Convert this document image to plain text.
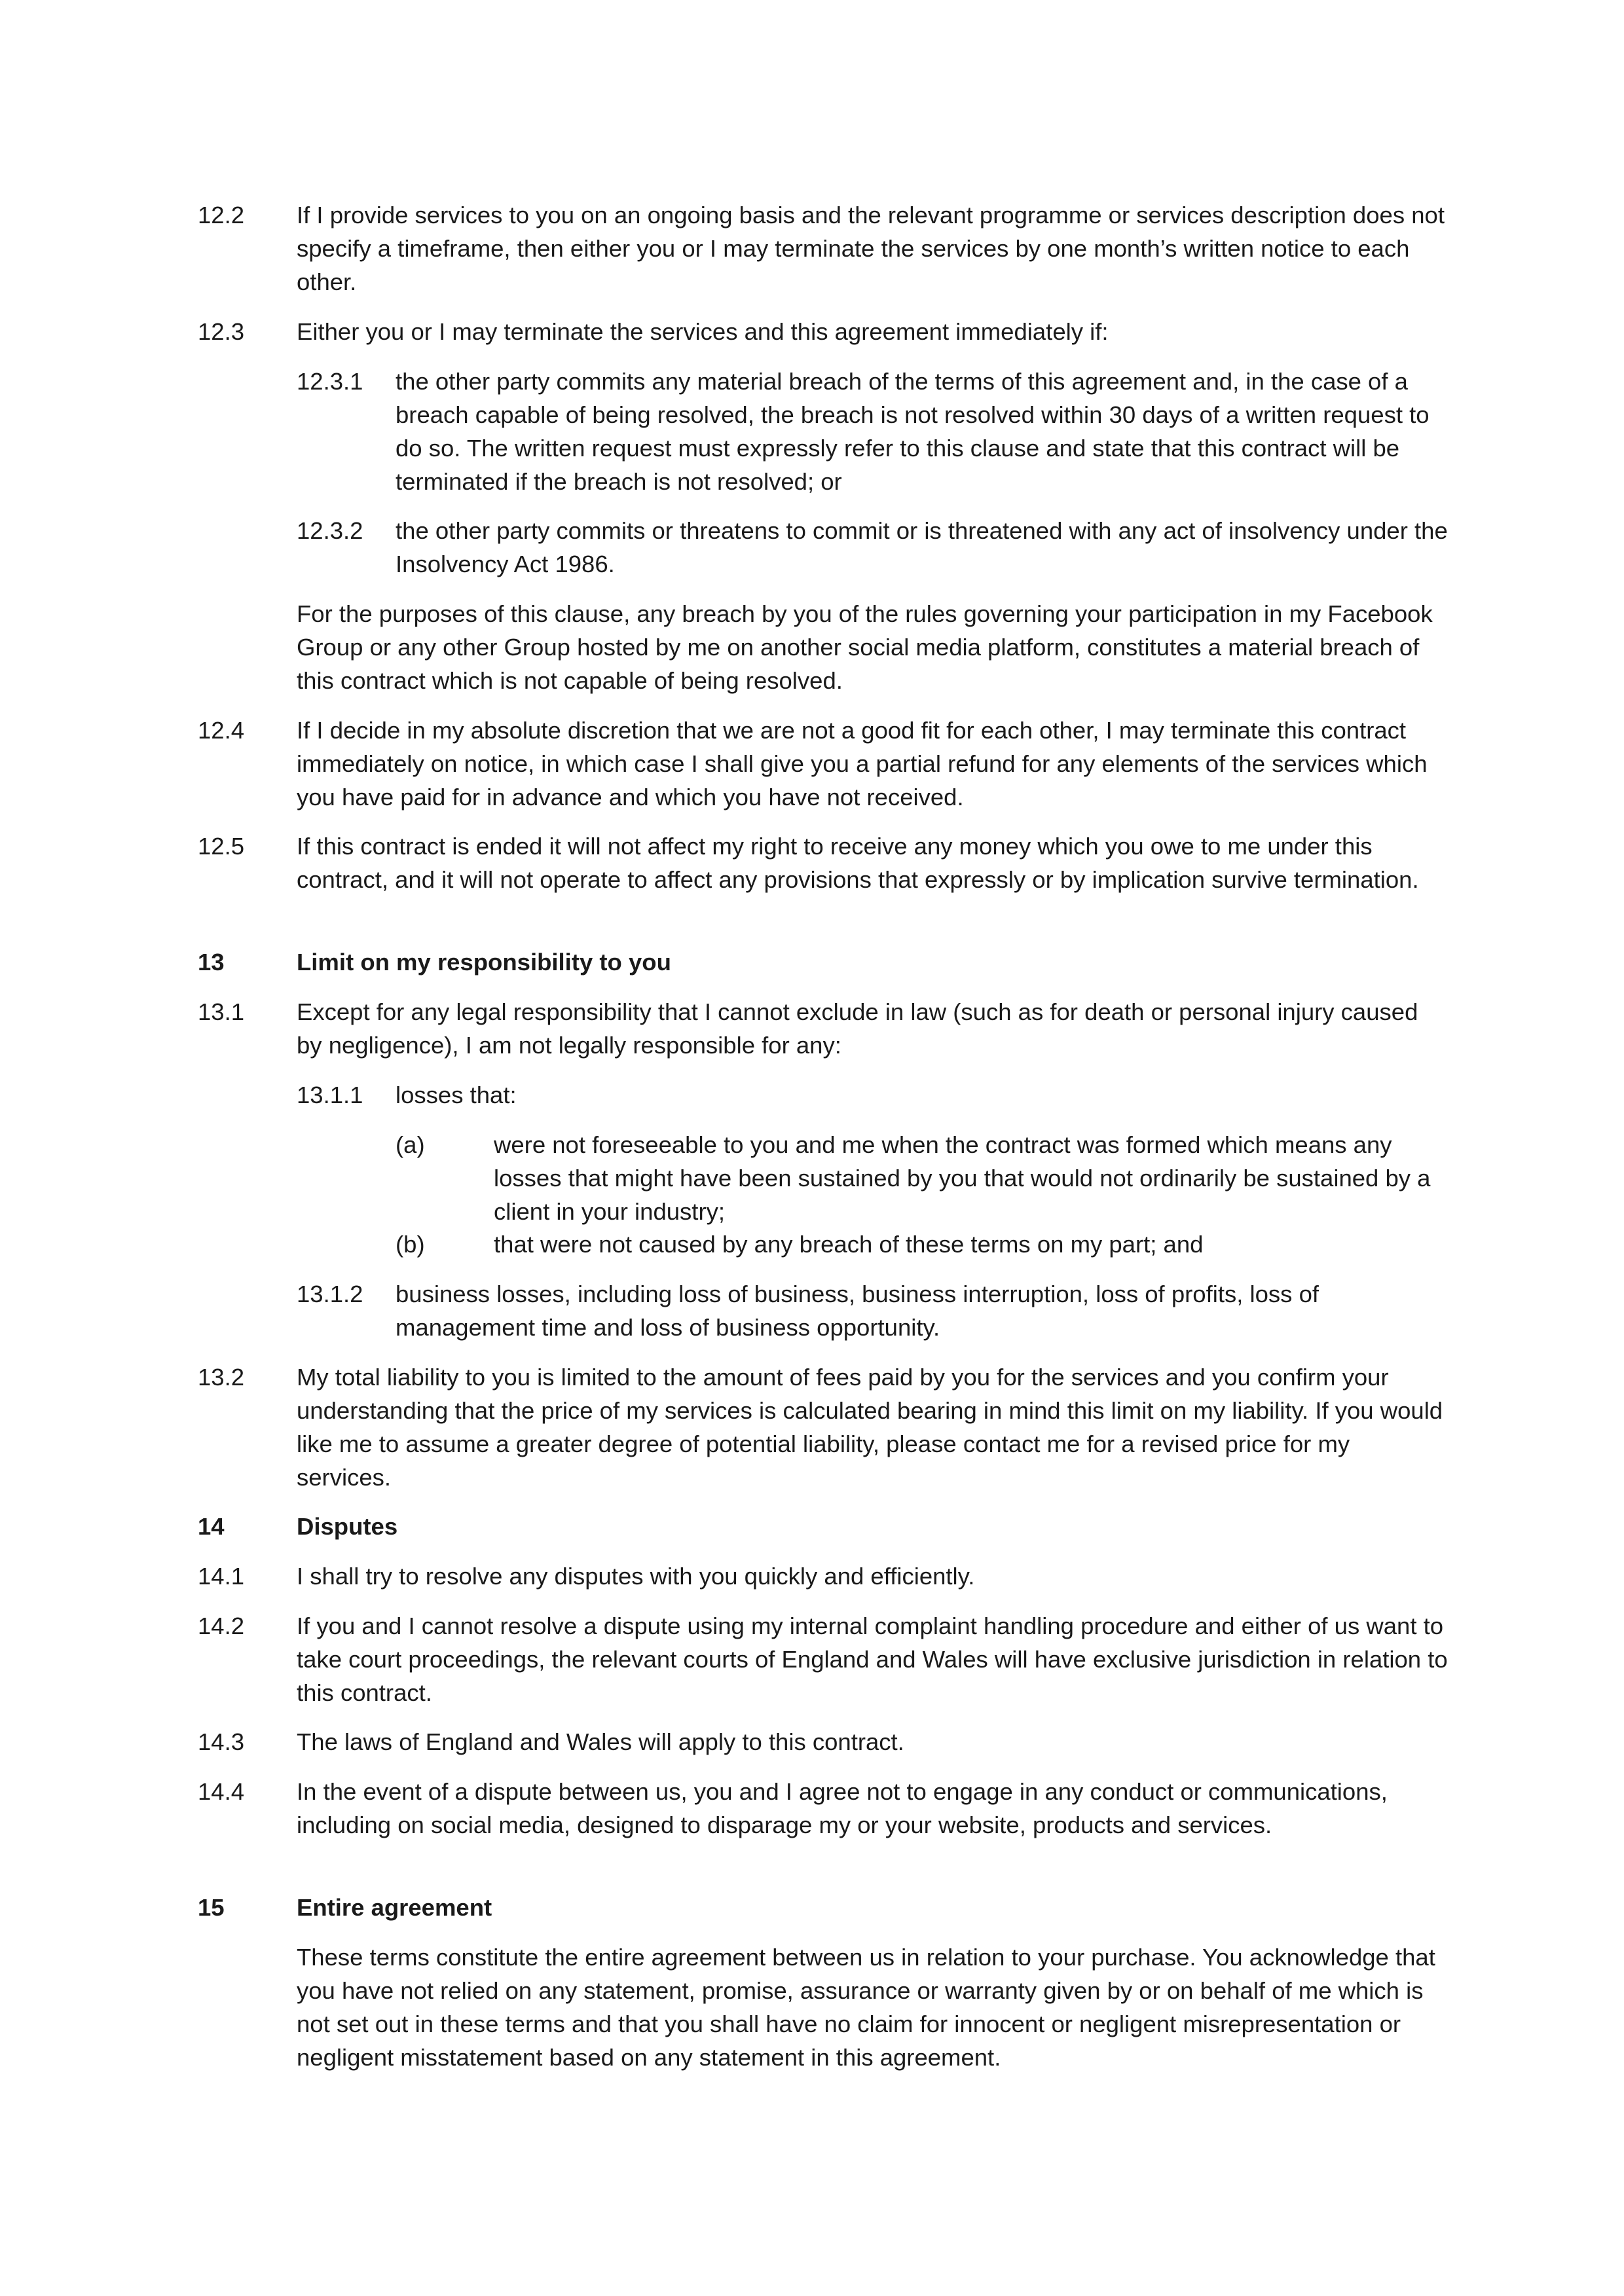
12.2 If I provide services to you on an ongoing basis and the relevant programme or services description does not specify a timeframe, then either you or I may terminate the services by one month’s written notice to each other.
12.3 Either you or I may terminate the services and this agreement immediately if:
12.3.1 the other party commits any material breach of the terms of this agreement and, in the case of a breach capable of being resolved, the breach is not resolved within 30 days of a written request to do so. The written request must expressly refer to this clause and state that this contract will be terminated if the breach is not resolved; or
12.3.2 the other party commits or threatens to commit or is threatened with any act of insolvency under the Insolvency Act 1986.
For the purposes of this clause, any breach by you of the rules governing your participation in my Facebook Group or any other Group hosted by me on another social media platform, constitutes a material breach of this contract which is not capable of being resolved.
12.4 If I decide in my absolute discretion that we are not a good fit for each other, I may terminate this contract immediately on notice, in which case I shall give you a partial refund for any elements of the services which you have paid for in advance and which you have not received.
12.5 If this contract is ended it will not affect my right to receive any money which you owe to me under this contract, and it will not operate to affect any provisions that expressly or by implication survive termination.
13	Limit on my responsibility to you
13.1 Except for any legal responsibility that I cannot exclude in law (such as for death or personal injury caused by negligence), I am not legally responsible for any:
13.1.1 losses that:
(a)	were not foreseeable to you and me when the contract was formed which means any losses that might have been sustained by you that would not ordinarily be sustained by a client in your industry;
(b)	that were not caused by any breach of these terms on my part; and
13.1.2 business losses, including loss of business, business interruption, loss of profits, loss of management time and loss of business opportunity.
13.2 My total liability to you is limited to the amount of fees paid by you for the services and you confirm your understanding that the price of my services is calculated bearing in mind this limit on my liability. If you would like me to assume a greater degree of potential liability, please contact me for a revised price for my services.
14	Disputes
14.1 I shall try to resolve any disputes with you quickly and efficiently.
14.2 If you and I cannot resolve a dispute using my internal complaint handling procedure and either of us want to take court proceedings, the relevant courts of England and Wales will have exclusive jurisdiction in relation to this contract.
14.3 The laws of England and Wales will apply to this contract.
14.4 In the event of a dispute between us, you and I agree not to engage in any conduct or communications, including on social media, designed to disparage my or your website, products and services.
15	Entire agreement
These terms constitute the entire agreement between us in relation to your purchase. You acknowledge that you have not relied on any statement, promise, assurance or warranty given by or on behalf of me which is not set out in these terms and that you shall have no claim for innocent or negligent misrepresentation or negligent misstatement based on any statement in this agreement.
